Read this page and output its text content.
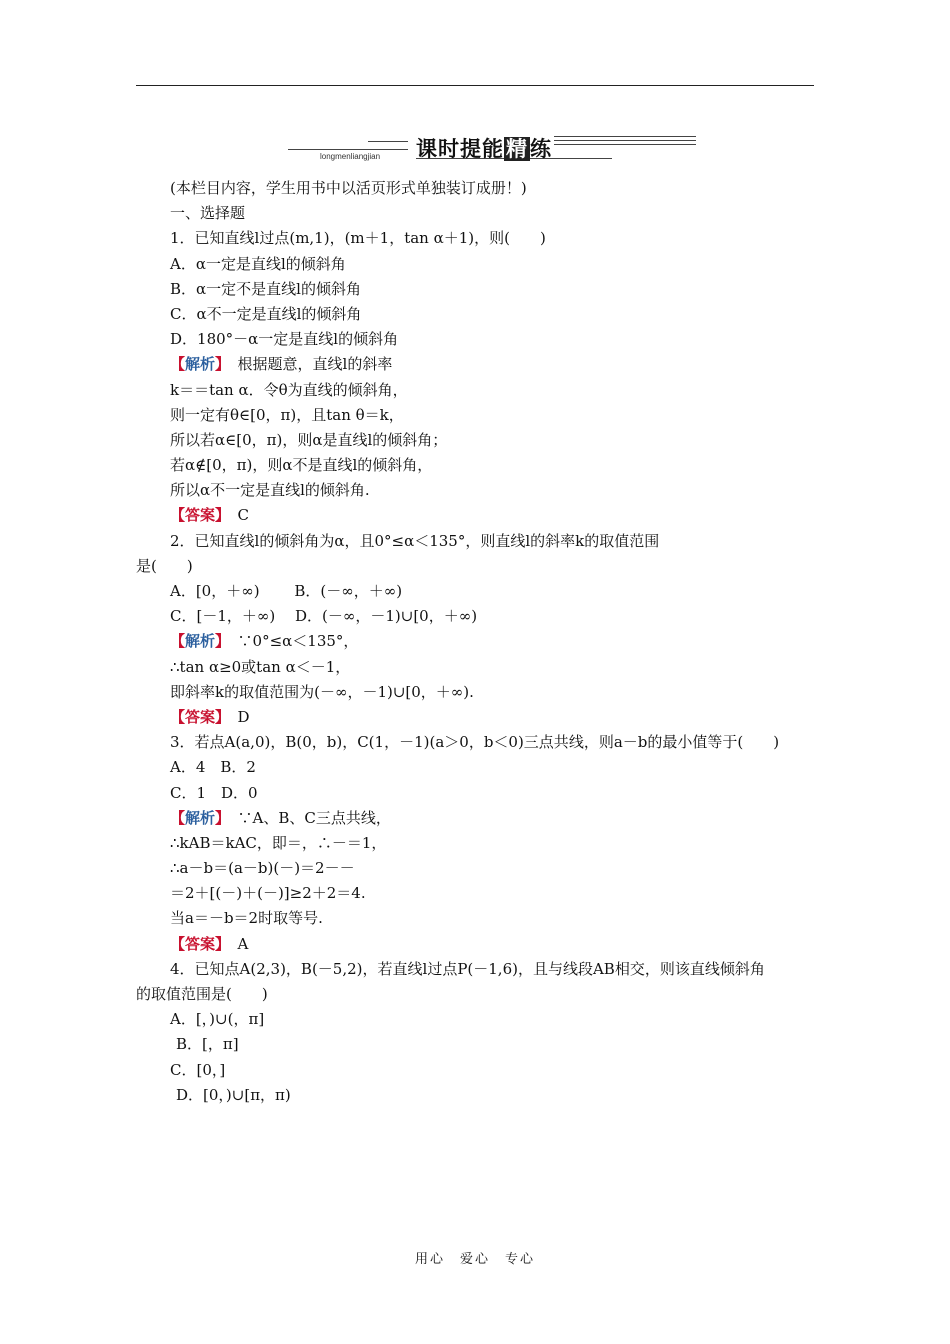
课时提能精练
longmenliangjian
(本栏目内容，学生用书中以活页形式单独装订成册！)
一、选择题
1．已知直线l过点(m,1)，(m＋1，tan α＋1)，则(　　)
A．α一定是直线l的倾斜角
B．α一定不是直线l的倾斜角
C．α不一定是直线l的倾斜角
D．180°－α一定是直线l的倾斜角
【解析】　根据题意，直线l的斜率
k＝＝tan α．令θ为直线的倾斜角，
则一定有θ∈[0，π)，且tan θ＝k，
所以若α∈[0，π)，则α是直线l的倾斜角；
若α∉[0，π)，则α不是直线l的倾斜角，
所以α不一定是直线l的倾斜角.
【答案】　C
2．已知直线l的倾斜角为α，且0°≤α＜135°，则直线l的斜率k的取值范围
是(　　)
A．[0，＋∞)　　 B．(－∞，＋∞)
C．[－1，＋∞)　 D．(－∞，－1)∪[0，＋∞)
【解析】　∵0°≤α＜135°，
∴tan α≥0或tan α＜－1，
即斜率k的取值范围为(－∞，－1)∪[0，＋∞).
【答案】　D
3．若点A(a,0)，B(0，b)，C(1，－1)(a＞0，b＜0)三点共线，则a－b的最小值等于(　　)
A．4　B．2
C．1　D．0
【解析】　∵A、B、C三点共线，
∴kAB＝kAC，即＝，∴－＝1，
∴a－b＝(a－b)(－)＝2－－
＝2＋[(－)＋(－)]≥2＋2＝4.
当a＝－b＝2时取等号.
【答案】　A
4．已知点A(2,3)，B(－5,2)，若直线l过点P(－1,6)，且与线段AB相交，则该直线倾斜角
的取值范围是(　　)
A．[，)∪(，π]
B．[，π]
C．[0，]
D．[0，)∪[π，π)
用心　爱心　专心
